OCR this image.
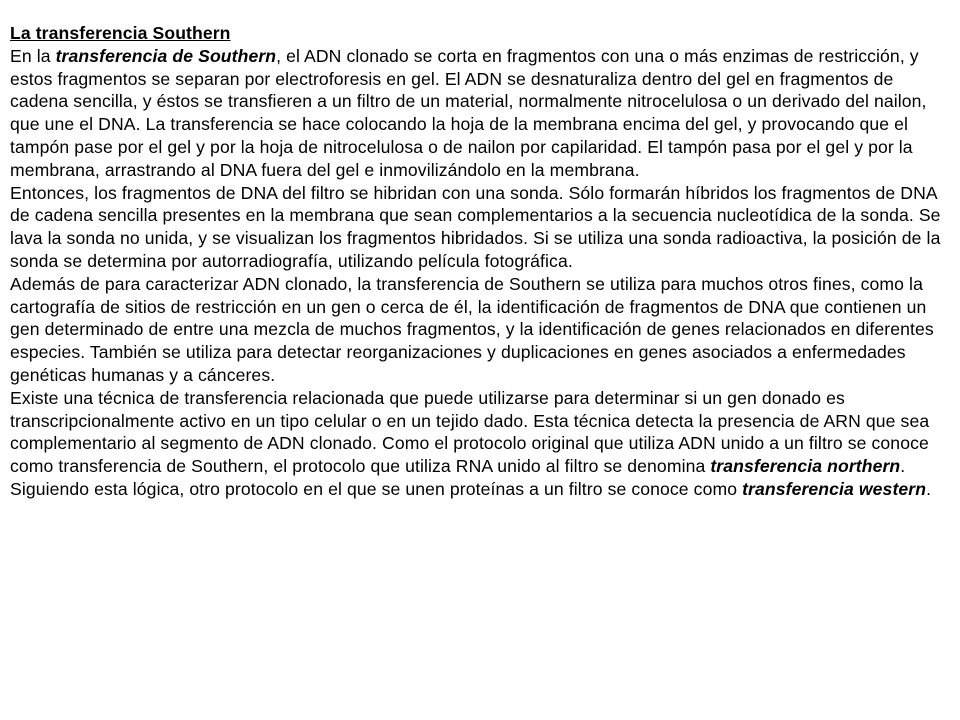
La transferencia Southern

En la transferencia de Southern, el ADN clonado se corta en fragmentos con una o más enzimas de restricción, y estos fragmentos se separan por electroforesis en gel. El ADN se desnaturaliza dentro del gel en fragmentos de cadena sencilla, y éstos se transfieren a un filtro de un material, normalmente nitrocelulosa o un derivado del nailon, que une el DNA. La transferencia se hace colocando la hoja de la membrana encima del gel, y provocando que el tampón pase por el gel y por la hoja de nitrocelulosa o de nailon por capilaridad. El tampón pasa por el gel y por la membrana, arrastrando al DNA fuera del gel e inmovilizándolo en la membrana.

Entonces, los fragmentos de DNA del filtro se hibridan con una sonda. Sólo formarán híbridos los fragmentos de DNA de cadena sencilla presentes en la membrana que sean complementarios a la secuencia nucleotídica de la sonda. Se lava la sonda no unida, y se visualizan los fragmentos hibridados. Si se utiliza una sonda radioactiva, la posición de la sonda se determina por autorradiografía, utilizando película fotográfica.

Además de para caracterizar ADN clonado, la transferencia de Southern se utiliza para muchos otros fines, como la cartografía de sitios de restricción en un gen o cerca de él, la identificación de fragmentos de DNA que contienen un gen determinado de entre una mezcla de muchos fragmentos, y la identificación de genes relacionados en diferentes especies. También se utiliza para detectar reorganizaciones y duplicaciones en genes asociados a enfermedades genéticas humanas y a cánceres.

Existe una técnica de transferencia relacionada que puede utilizarse para determinar si un gen donado es transcripcionalmente activo en un tipo celular o en un tejido dado. Esta técnica detecta la presencia de ARN que sea complementario al segmento de ADN clonado. Como el protocolo original que utiliza ADN unido a un filtro se conoce como transferencia de Southern, el protocolo que utiliza RNA unido al filtro se denomina transferencia northern. Siguiendo esta lógica, otro protocolo en el que se unen proteínas a un filtro se conoce como transferencia western.
